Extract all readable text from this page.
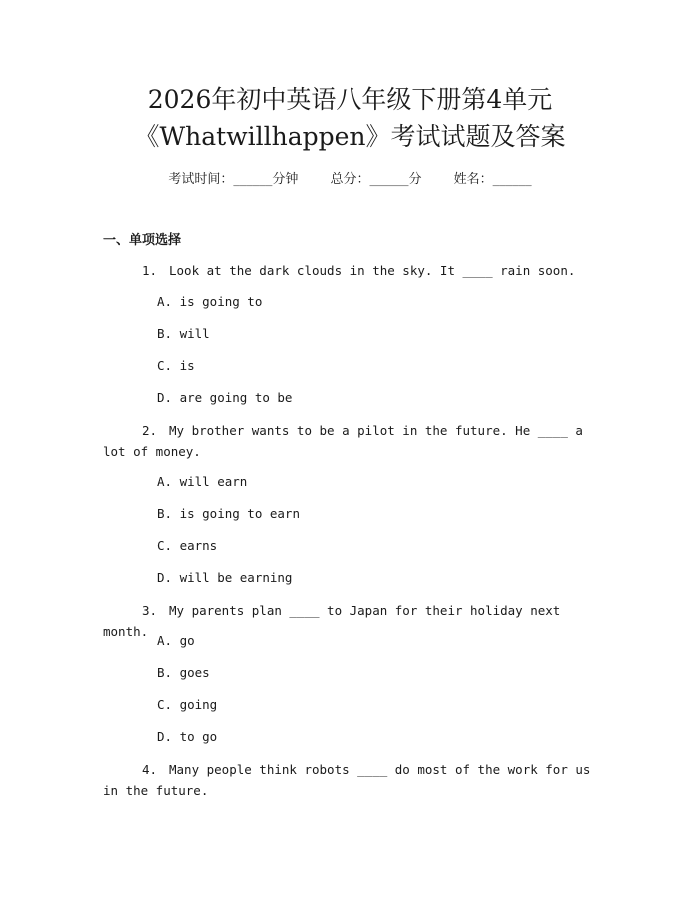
2026年初中英语八年级下册第4单元
《Whatwillhappen》考试试题及答案
考试时间：______分钟 总分：______分 姓名：______
一、单项选择
1. Look at the dark clouds in the sky. It ____ rain soon.
A. is going to
B. will
C. is
D. are going to be
2. My brother wants to be a pilot in the future. He ____ a lot of money.
A. will earn
B. is going to earn
C. earns
D. will be earning
3. My parents plan ____ to Japan for their holiday next month.
A. go
B. goes
C. going
D. to go
4. Many people think robots ____ do most of the work for us in the future.
